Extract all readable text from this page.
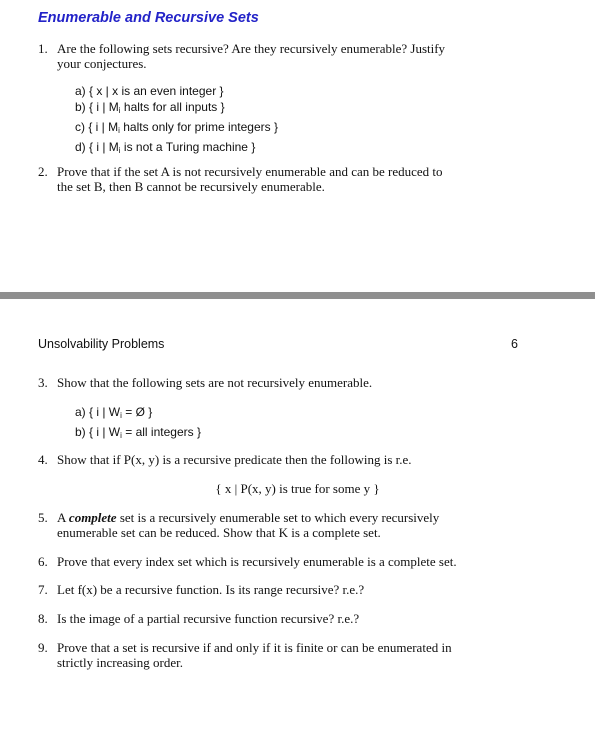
Enumerable and Recursive Sets
1. Are the following sets recursive? Are they recursively enumerable? Justify
your conjectures.
a) { x | x is an even integer }
b) { i | $M_i$ halts for all inputs }
c) { i | $M_i$ halts only for prime integers }
d) { i | $M_i$ is not a Turing machine }
2. Prove that if the set A is not recursively enumerable and can be reduced to
the set B, then B cannot be recursively enumerable.
Unsolvability Problems	6
3. Show that the following sets are not recursively enumerable.
a) { i | $W_i$ = Ø }
b) { i | $W_i$ = all integers }
4. Show that if P(x, y) is a recursive predicate then the following is r.e.
{ x | P(x, y) is true for some y }
5. A complete set is a recursively enumerable set to which every recursively
enumerable set can be reduced. Show that K is a complete set.
6. Prove that every index set which is recursively enumerable is a complete set.
7. Let f(x) be a recursive function. Is its range recursive? r.e.?
8. Is the image of a partial recursive function recursive? r.e.?
9. Prove that a set is recursive if and only if it is finite or can be enumerated in
strictly increasing order.
